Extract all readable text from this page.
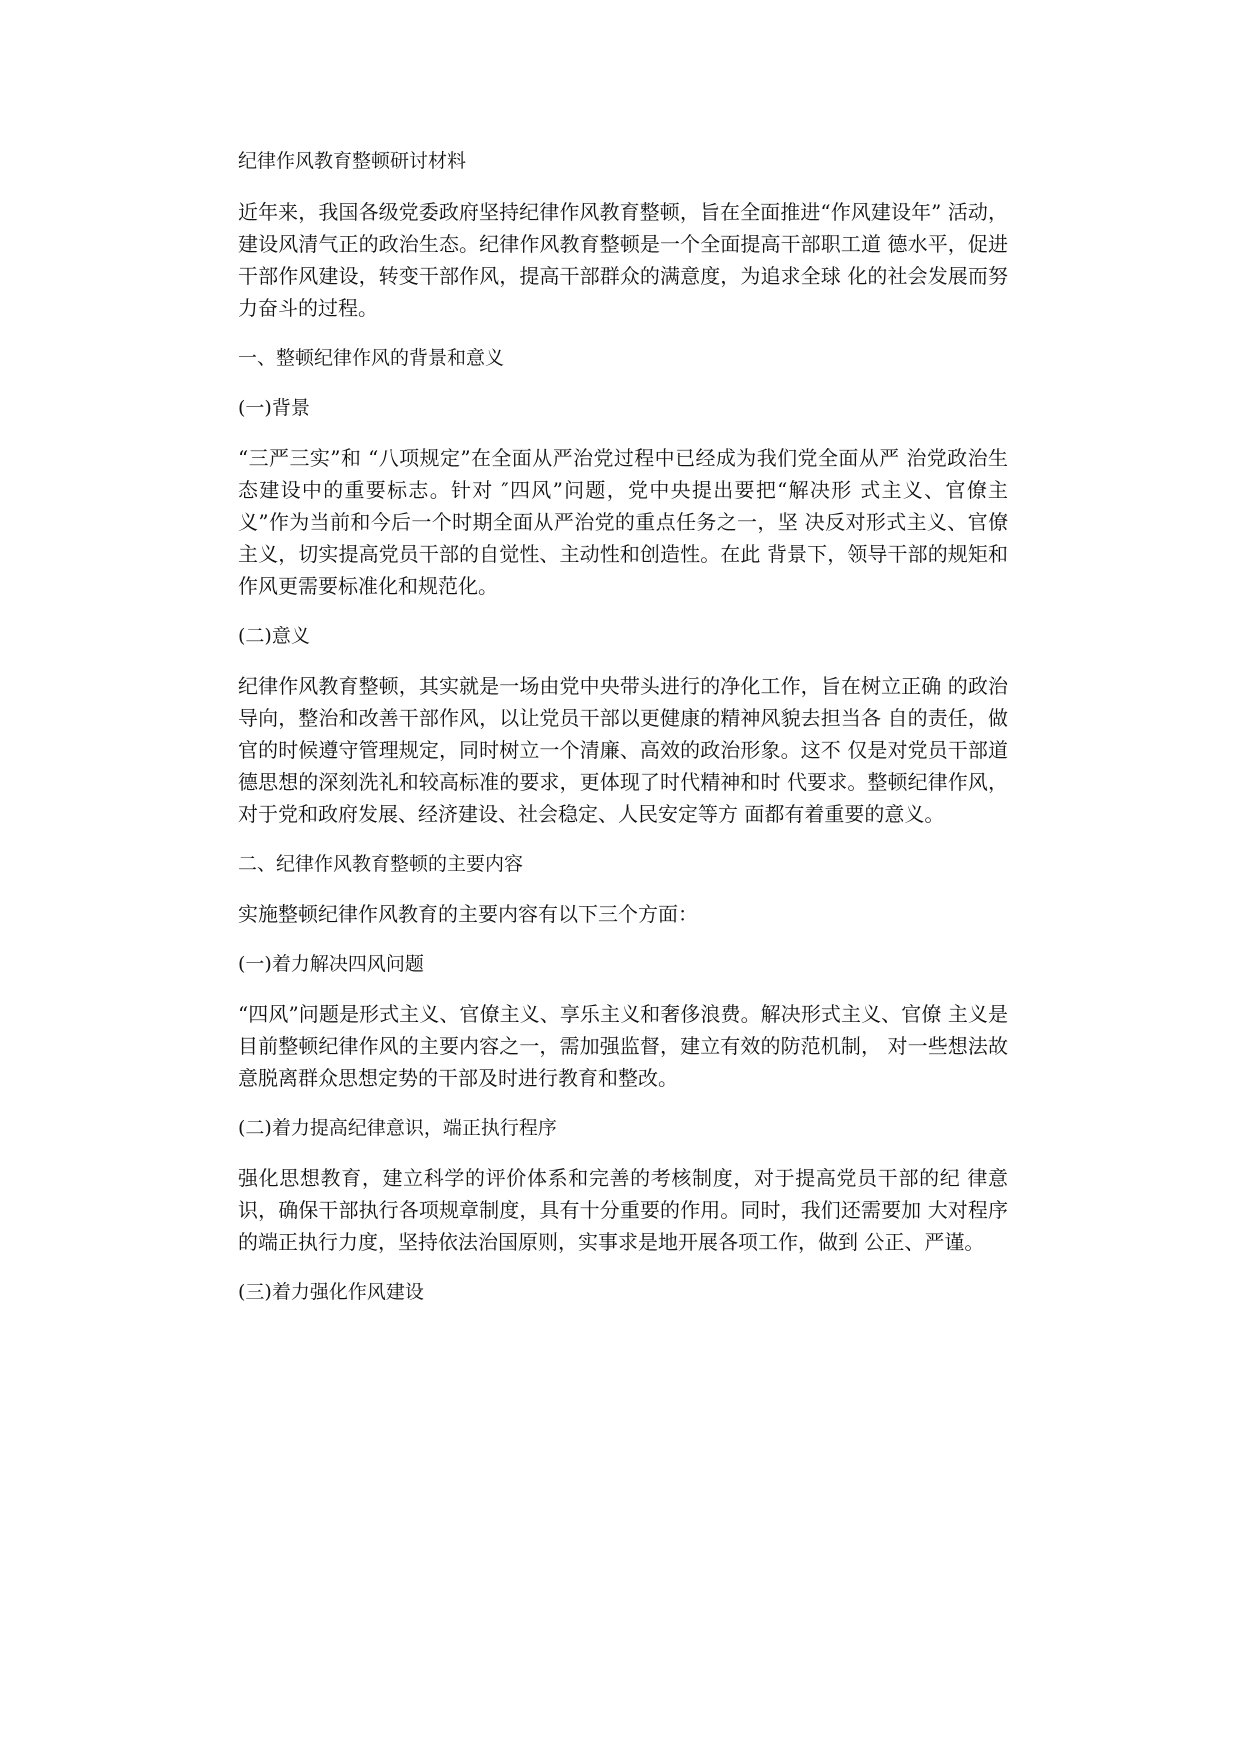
纪律作风教育整顿研讨材料

近年来，我国各级党委政府坚持纪律作风教育整顿，旨在全面推进“作风建设年” 活动，建设风清气正的政治生态。纪律作风教育整顿是一个全面提高干部职工道 德水平，促进干部作风建设，转变干部作风，提高干部群众的满意度，为追求全球 化的社会发展而努力奋斗的过程。

一、整顿纪律作风的背景和意义
(一)背景

“三严三实”和 “八项规定”在全面从严治党过程中已经成为我们党全面从严 治党政治生态建设中的重要标志。针对 ″四风”问题，党中央提出要把“解决形 式主义、官僚主义”作为当前和今后一个时期全面从严治党的重点任务之一，坚 决反对形式主义、官僚主义，切实提高党员干部的自觉性、主动性和创造性。在此 背景下，领导干部的规矩和作风更需要标准化和规范化。

(二)意义

纪律作风教育整顿，其实就是一场由党中央带头进行的净化工作，旨在树立正确 的政治导向，整治和改善干部作风，以让党员干部以更健康的精神风貌去担当各 自的责任，做官的时候遵守管理规定，同时树立一个清廉、高效的政治形象。这不 仅是对党员干部道德思想的深刻洗礼和较高标准的要求，更体现了时代精神和时 代要求。整顿纪律作风，对于党和政府发展、经济建设、社会稳定、人民安定等方 面都有着重要的意义。

二、纪律作风教育整顿的主要内容

实施整顿纪律作风教育的主要内容有以下三个方面：

(一)着力解决四风问题

“四风”问题是形式主义、官僚主义、享乐主义和奢侈浪费。解决形式主义、官僚 主义是目前整顿纪律作风的主要内容之一，需加强监督，建立有效的防范机制， 对一些想法故意脱离群众思想定势的干部及时进行教育和整改。

(二)着力提高纪律意识，端正执行程序

强化思想教育，建立科学的评价体系和完善的考核制度，对于提高党员干部的纪 律意识，确保干部执行各项规章制度，具有十分重要的作用。同时，我们还需要加 大对程序的端正执行力度，坚持依法治国原则，实事求是地开展各项工作，做到 公正、严谨。

(三)着力强化作风建设
